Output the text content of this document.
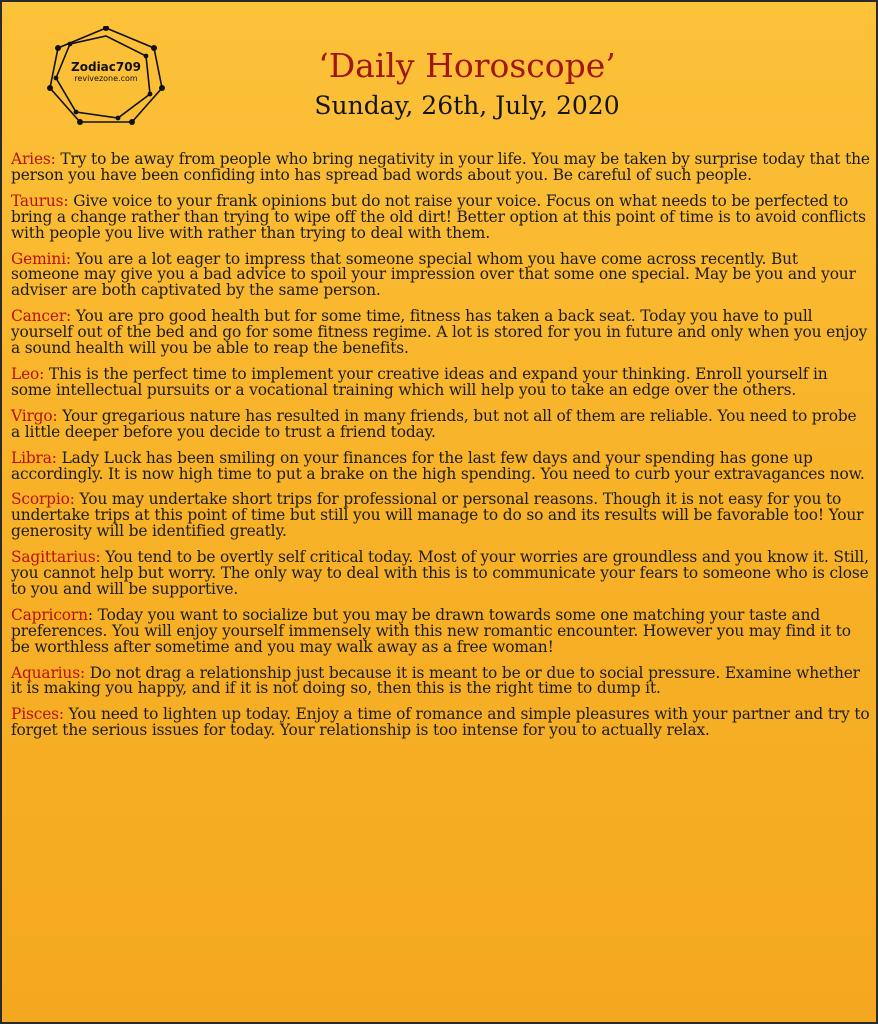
Zodiac709
revivezone.com	‘Daily Horoscope’
Sunday, 26th, July, 2020

Aries: Try to be away from people who bring negativity in your life. You may be taken by surprise today that the person you have been confiding into has spread bad words about you. Be careful of such people.

Taurus: Give voice to your frank opinions but do not raise your voice. Focus on what needs to be perfected to bring a change rather than trying to wipe off the old dirt! Better option at this point of time is to avoid conflicts with people you live with rather than trying to deal with them.

Gemini: You are a lot eager to impress that someone special whom you have come across recently. But someone may give you a bad advice to spoil your impression over that some one special. May be you and your adviser are both captivated by the same person.

Cancer: You are pro good health but for some time, fitness has taken a back seat. Today you have to pull yourself out of the bed and go for some fitness regime. A lot is stored for you in future and only when you enjoy a sound health will you be able to reap the benefits.

Leo: This is the perfect time to implement your creative ideas and expand your thinking. Enroll yourself in some intellectual pursuits or a vocational training which will help you to take an edge over the others.

Virgo: Your gregarious nature has resulted in many friends, but not all of them are reliable. You need to probe a little deeper before you decide to trust a friend today.

Libra: Lady Luck has been smiling on your finances for the last few days and your spending has gone up accordingly. It is now high time to put a brake on the high spending. You need to curb your extravagances now.

Scorpio: You may undertake short trips for professional or personal reasons. Though it is not easy for you to undertake trips at this point of time but still you will manage to do so and its results will be favorable too! Your generosity will be identified greatly.

Sagittarius: You tend to be overtly self critical today. Most of your worries are groundless and you know it. Still, you cannot help but worry. The only way to deal with this is to communicate your fears to someone who is close to you and will be supportive.

Capricorn: Today you want to socialize but you may be drawn towards some one matching your taste and preferences. You will enjoy yourself immensely with this new romantic encounter. However you may find it to be worthless after sometime and you may walk away as a free woman!

Aquarius: Do not drag a relationship just because it is meant to be or due to social pressure. Examine whether it is making you happy, and if it is not doing so, then this is the right time to dump it.

Pisces: You need to lighten up today. Enjoy a time of romance and simple pleasures with your partner and try to forget the serious issues for today. Your relationship is too intense for you to actually relax.
